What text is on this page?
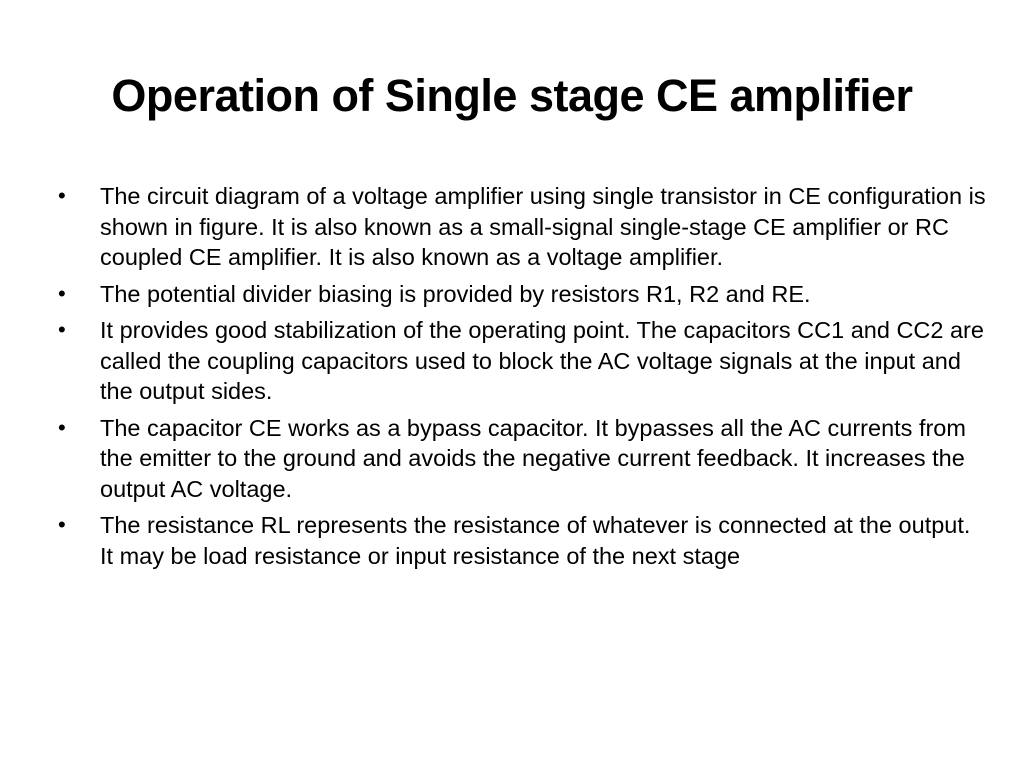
Operation of Single stage CE amplifier
•	The circuit diagram of a voltage amplifier using single transistor in CE configuration is shown in figure. It is also known as a small-signal single-stage CE amplifier or RC coupled CE amplifier. It is also known as a voltage amplifier.
•	The potential divider biasing is provided by resistors R1, R2 and RE.
•	It provides good stabilization of the operating point. The capacitors CC1 and CC2 are called the coupling capacitors used to block the AC voltage signals at the input and the output sides.
•	The capacitor CE works as a bypass capacitor. It bypasses all the AC currents from the emitter to the ground and avoids the negative current feedback. It increases the output AC voltage.
•	The resistance RL represents the resistance of whatever is connected at the output. It may be load resistance or input resistance of the next stage
